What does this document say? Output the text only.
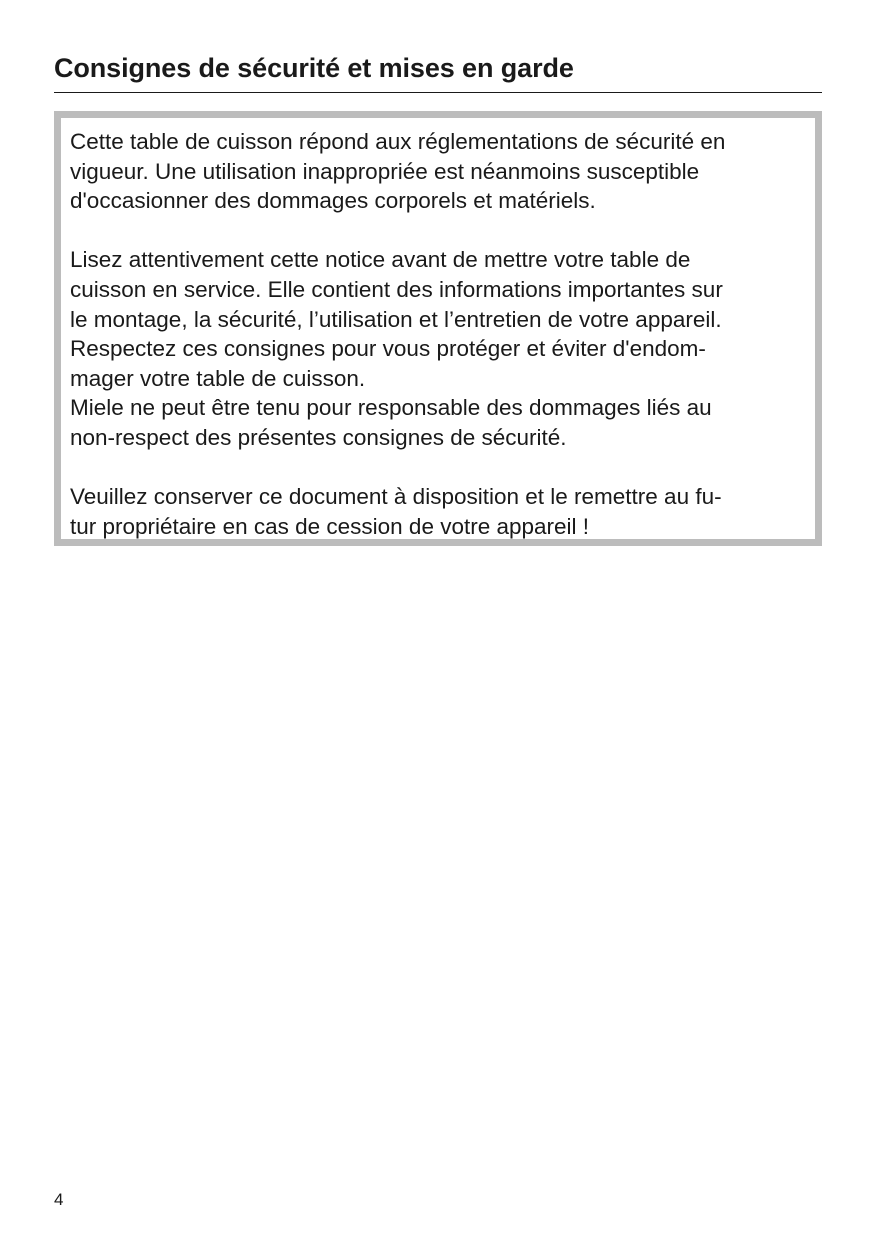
Consignes de sécurité et mises en garde

Cette table de cuisson répond aux réglementations de sécurité en
vigueur. Une utilisation inappropriée est néanmoins susceptible
d'occasionner des dommages corporels et matériels.

Lisez attentivement cette notice avant de mettre votre table de
cuisson en service. Elle contient des informations importantes sur
le montage, la sécurité, l’utilisation et l’entretien de votre appareil.
Respectez ces consignes pour vous protéger et éviter d'endom-
mager votre table de cuisson.
Miele ne peut être tenu pour responsable des dommages liés au
non-respect des présentes consignes de sécurité.

Veuillez conserver ce document à disposition et le remettre au fu-
tur propriétaire en cas de cession de votre appareil !

4
